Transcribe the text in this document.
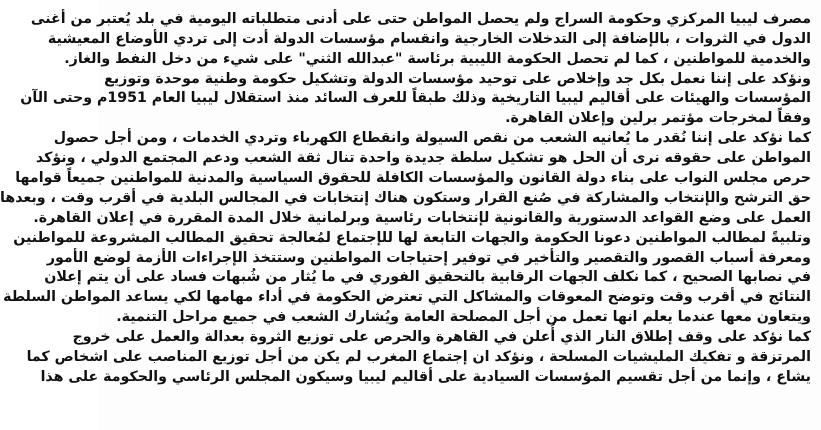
مصرف ليبيا المركزي وحكومة السراج ولم يحصل المواطن حتى على أدنى متطلباته اليومية في بلد يُعتبر من أغنى
الدول في الثروات ، بالإضافة إلى التدخلات الخارجية وانقسام مؤسسات الدولة أدت إلى تردي الأوضاع المعيشية
والخدمية للمواطنين ، كما لم تحصل الحكومة الليبية برئاسة "عبدالله الثني" على شيء من دخل النفط والغاز.
ونؤكد على إننا نعمل بكل جد وإخلاص على توحيد مؤسسات الدولة وتشكيل حكومة وطنية موحدة وتوزيع
المؤسسات والهيئات على أقاليم ليبيا التاريخية وذلك طبقاً للعرف السائد منذ استقلال ليبيا العام 1951م وحتى الآن
وفقاً لمخرجات مؤتمر برلين وإعلان القاهرة.
كما نؤكد على إننا نُقدر ما يُعانيه الشعب من نقص السيولة وانقطاع الكهرباء وتردي الخدمات ، ومن أجل حصول
المواطن على حقوقه نرى أن الحل هو تشكيل سلطة جديدة واحدة تنال ثقة الشعب ودعم المجتمع الدولي ، ونؤكد
حرص مجلس النواب على بناء دولة القانون والمؤسسات الكافلة للحقوق السياسية والمدنية للمواطنين جميعاً قوامها
حق الترشح والإنتخاب والمشاركة في صُنع القرار وستكون هناك إنتخابات في المجالس البلدية في أقرب وقت ، وبعدها
العمل على وضع القواعد الدستورية والقانونية لإنتخابات رئاسية وبرلمانية خلال المدة المقررة في إعلان القاهرة.
وتلبيةً لمطالب المواطنين دعونا الحكومة والجهات التابعة لها للإجتماع لمُعالجة تحقيق المطالب المشروعة للمواطنين
ومعرفة أسباب القصور والتقصير والتأخير في توفير إحتياجات المواطنين وستتخذ الإجراءات الأزمة لوضع الأمور
في نصابها الصحيح ، كما نكلف الجهات الرقابية بالتحقيق الفوري في ما يُثار من شُبهات فساد على أن يتم إعلان
النتائج في أقرب وقت وتوضح المعوقات والمشاكل التي تعترض الحكومة في أداء مهامها لكي يساعد المواطن السلطة
ويتعاون معها عندما يعلم انها تعمل من أجل المصلحة العامة ويُشارك الشعب في جميع مراحل التنمية.
كما نؤكد على وقف إطلاق النار الذي أُعلن في القاهرة والحرص على توزيع الثروة بعدالة والعمل على خروج
المرتزقة و تفكيك المليشيات المسلحة ، ونؤكد ان إجتماع المغرب لم يكن من أجل توزيع المناصب على اشخاص كما
يشاع ، وإنما من أجل تقسيم المؤسسات السيادية على أقاليم ليبيا وسيكون المجلس الرئاسي والحكومة على هذا
